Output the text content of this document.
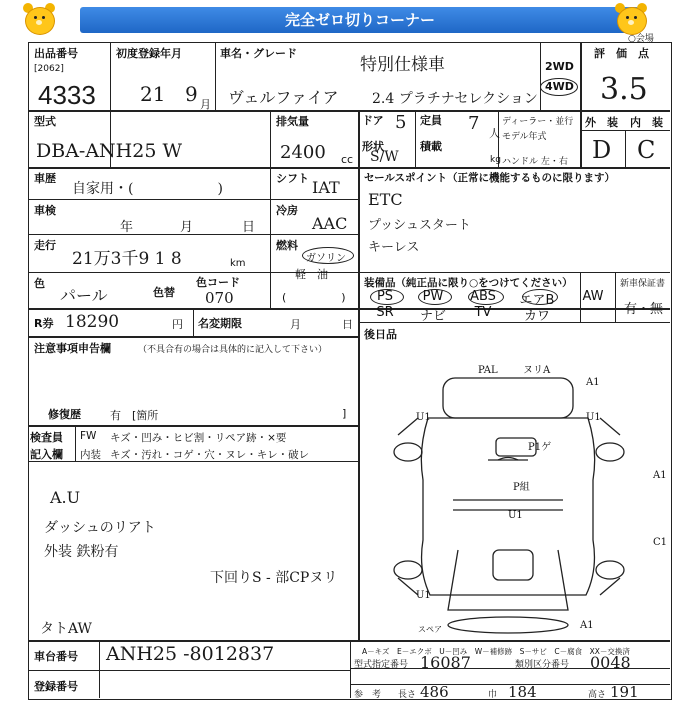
完全ゼロ切りコーナー
出品番号
[2062]
4333
初度登録年月
21 9 月
車名・グレード
特別仕様車
ヴェルファイア 2.4 プラチナセレクション
2WD
4WD
評　価　点
3.5
○会場
型式
DBA-ANH25 W
排気量
2400 cc
ドア 5 定員 7 人
形状
S/W
積載
kg
ディーラー・並行
モデル年式
ハンドル 左・右
外　装 内　装
D C
車歴
自家用・(　　　　　　)
シフト IAT
車検
年	月	日
冷房
AAC
走行
21万3千9 1 8	km
燃料
ガソリン
軽　油
(　　　　　)
色
パール	色替
色コード
070
R券 18290	円 名変期限	月	日
セールスポイント（正常に機能するものに限ります）
ETC
プッシュスタート
キーレス
装備品（純正品に限り○をつけてください）
PS	PW	ABS	エアB	AW
SR	ナビ	TV	カワ
新車保証書
有・無
後日品
注意事項申告欄	（不具合有の場合は具体的に記入して下さい）
修復歴	有　[箇所	]
検査員
記入欄
FW キズ・凹み・ヒビ割・リペア跡・×要
内装 キズ・汚れ・コゲ・穴・ヌレ・キレ・破レ
A.U
ダッシュのリアト
外装 鉄粉有
下回りS - 部CPヌリ
タトAW
PAL	ヌリA
A1
U1	U1
P1ゲ
A1
P組
U1
C1
U1
A1
スペア
A－キズ　E－エクボ　U－凹み　W－補修跡　S－サビ　C－腐食　XX－交換済
車台番号 ANH25 -8012837
登録番号
型式指定番号 16087	類別区分番号 0048
参　考 長さ 486	巾 184	高さ 191
